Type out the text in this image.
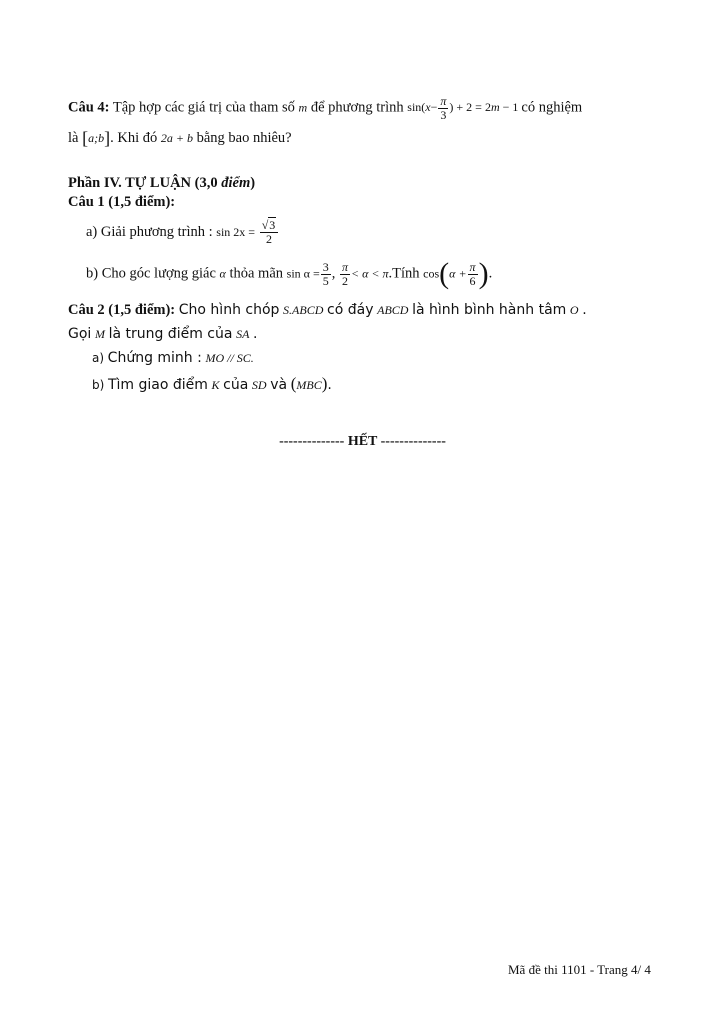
Câu 4: Tập hợp các giá trị của tham số m để phương trình $\sin(x- \frac{\pi}{3}$ ) + 2 = 2m − 1 có nghiệm
là [a;b]. Khi đó 2a + b bằng bao nhiêu?
Phần IV. TỰ LUẬN (3,0 điểm)
Câu 1 (1,5 điểm):
a) Giải phương trình : $\sin 2x = \frac{√3}{2}$
b) Cho góc lượng giác α thỏa mãn $\sin \alpha = \frac{3}{5}$ , $\frac{\pi}{2} < \alpha$ < π.Tính $\cos(\alpha + \frac{\pi}{6}$ ).
Câu 2 (1,5 điểm): Cho hình chóp S.ABCD có đáy ABCD là hình bình hành tâm O .
Gọi M là trung điểm của SA .
a) Chứng minh : MO // SC.
b) Tìm giao điểm K của SD và (MBC).
-------------- HẾT --------------
Mã đề thi 1101 - Trang 4/ 4
